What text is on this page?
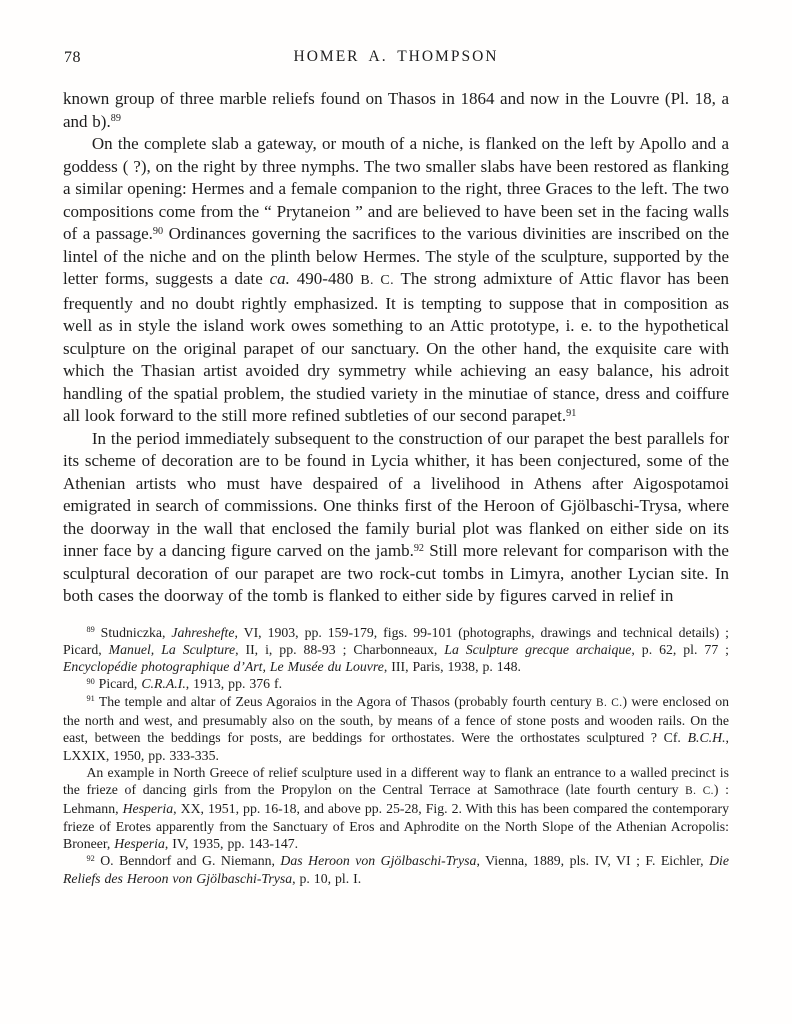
78	HOMER A. THOMPSON

known group of three marble reliefs found on Thasos in 1864 and now in the Louvre (Pl. 18, a and b).$^{89}$

On the complete slab a gateway, or mouth of a niche, is flanked on the left by Apollo and a goddess ( ?), on the right by three nymphs. The two smaller slabs have been restored as flanking a similar opening: Hermes and a female companion to the right, three Graces to the left. The two compositions come from the “ Prytaneion ” and are believed to have been set in the facing walls of a passage.$^{90}$ Ordinances governing the sacrifices to the various divinities are inscribed on the lintel of the niche and on the plinth below Hermes. The style of the sculpture, supported by the letter forms, suggests a date ca. 490-480 B. C. The strong admixture of Attic flavor has been frequently and no doubt rightly emphasized. It is tempting to suppose that in composition as well as in style the island work owes something to an Attic prototype, i. e. to the hypothetical sculpture on the original parapet of our sanctuary. On the other hand, the exquisite care with which the Thasian artist avoided dry symmetry while achieving an easy balance, his adroit handling of the spatial problem, the studied variety in the minutiae of stance, dress and coiffure all look forward to the still more refined subtleties of our second parapet.$^{91}$

In the period immediately subsequent to the construction of our parapet the best parallels for its scheme of decoration are to be found in Lycia whither, it has been conjectured, some of the Athenian artists who must have despaired of a livelihood in Athens after Aigospotamoi emigrated in search of commissions. One thinks first of the Heroon of Gjölbaschi-Trysa, where the doorway in the wall that enclosed the family burial plot was flanked on either side on its inner face by a dancing figure carved on the jamb.$^{92}$ Still more relevant for comparison with the sculptural decoration of our parapet are two rock-cut tombs in Limyra, another Lycian site. In both cases the doorway of the tomb is flanked to either side by figures carved in relief in

$^{89}$ Studniczka, Jahreshefte, VI, 1903, pp. 159-179, figs. 99-101 (photographs, drawings and technical details) ; Picard, Manuel, La Sculpture, II, i, pp. 88-93 ; Charbonneaux, La Sculpture grecque archaique, p. 62, pl. 77 ; Encyclopédie photographique d’Art, Le Musée du Louvre, III, Paris, 1938, p. 148.

$^{90}$ Picard, C.R.A.I., 1913, pp. 376 f.

$^{91}$ The temple and altar of Zeus Agoraios in the Agora of Thasos (probably fourth century B. C.) were enclosed on the north and west, and presumably also on the south, by means of a fence of stone posts and wooden rails. On the east, between the beddings for posts, are beddings for orthostates. Were the orthostates sculptured ? Cf. B.C.H., LXXIX, 1950, pp. 333-335.

An example in North Greece of relief sculpture used in a different way to flank an entrance to a walled precinct is the frieze of dancing girls from the Propylon on the Central Terrace at Samothrace (late fourth century B. C.) : Lehmann, Hesperia, XX, 1951, pp. 16-18, and above pp. 25-28, Fig. 2. With this has been compared the contemporary frieze of Erotes apparently from the Sanctuary of Eros and Aphrodite on the North Slope of the Athenian Acropolis: Broneer, Hesperia, IV, 1935, pp. 143-147.

$^{92}$ O. Benndorf and G. Niemann, Das Heroon von Gjölbaschi-Trysa, Vienna, 1889, pls. IV, VI ; F. Eichler, Die Reliefs des Heroon von Gjölbaschi-Trysa, p. 10, pl. I.
